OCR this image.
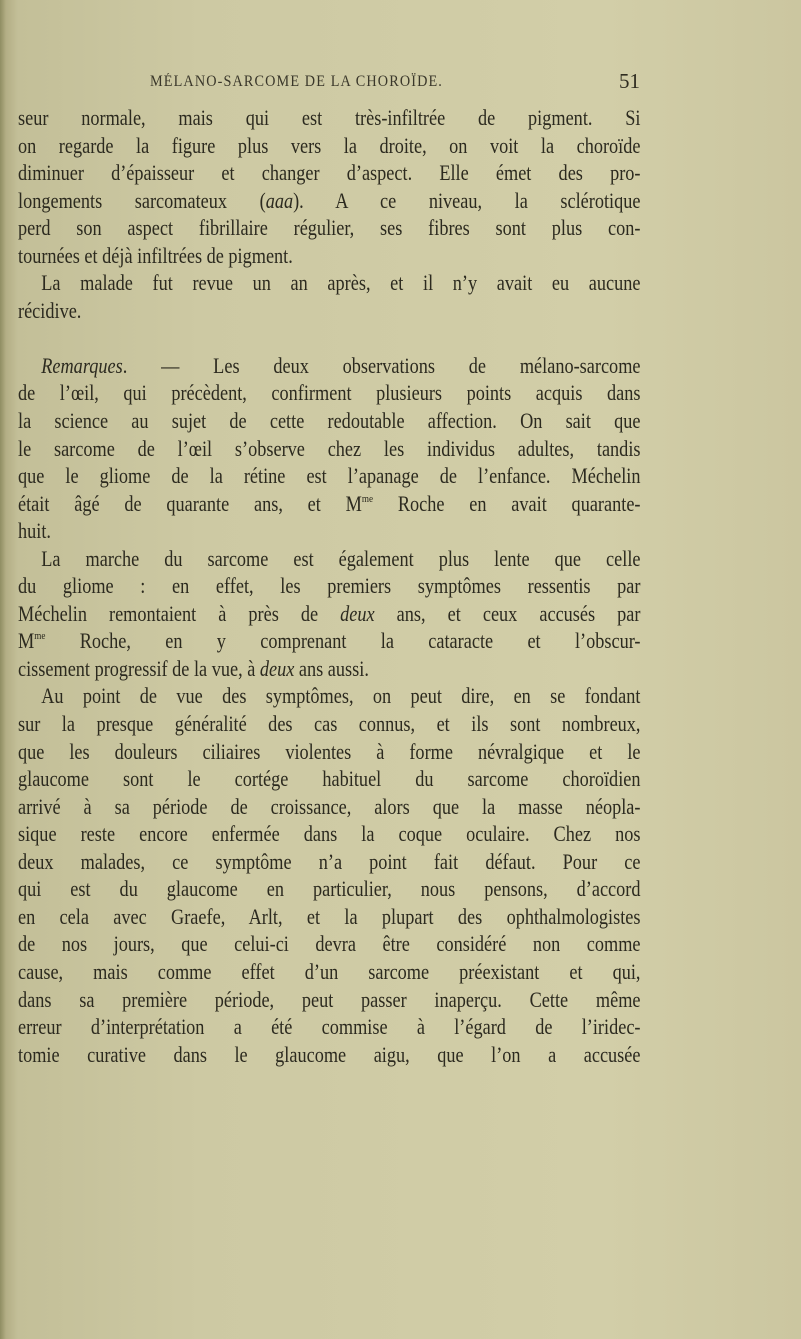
MÉLANO-SARCOME DE LA CHOROÏDE.	51
seur normale, mais qui est très-infiltrée de pigment. Si
on regarde la figure plus vers la droite, on voit la choroïde
diminuer d’épaisseur et changer d’aspect. Elle émet des pro-
longements sarcomateux (aaa). A ce niveau, la sclérotique
perd son aspect fibrillaire régulier, ses fibres sont plus con-
tournées et déjà infiltrées de pigment.
La malade fut revue un an après, et il n’y avait eu aucune
récidive.
Remarques. — Les deux observations de mélano-sarcome
de l’œil, qui précèdent, confirment plusieurs points acquis dans
la science au sujet de cette redoutable affection. On sait que
le sarcome de l’œil s’observe chez les individus adultes, tandis
que le gliome de la rétine est l’apanage de l’enfance. Méchelin
était âgé de quarante ans, et $M^{me}$ Roche en avait quarante-
huit.
La marche du sarcome est également plus lente que celle
du gliome : en effet, les premiers symptômes ressentis par
Méchelin remontaient à près de deux ans, et ceux accusés par
$M^{me}$ Roche, en y comprenant la cataracte et l’obscur-
cissement progressif de la vue, à deux ans aussi.
Au point de vue des symptômes, on peut dire, en se fondant
sur la presque généralité des cas connus, et ils sont nombreux,
que les douleurs ciliaires violentes à forme névralgique et le
glaucome sont le cortége habituel du sarcome choroïdien
arrivé à sa période de croissance, alors que la masse néopla-
sique reste encore enfermée dans la coque oculaire. Chez nos
deux malades, ce symptôme n’a point fait défaut. Pour ce
qui est du glaucome en particulier, nous pensons, d’accord
en cela avec Graefe, Arlt, et la plupart des ophthalmologistes
de nos jours, que celui-ci devra être considéré non comme
cause, mais comme effet d’un sarcome préexistant et qui,
dans sa première période, peut passer inaperçu. Cette même
erreur d’interprétation a été commise à l’égard de l’iridec-
tomie curative dans le glaucome aigu, que l’on a accusée
